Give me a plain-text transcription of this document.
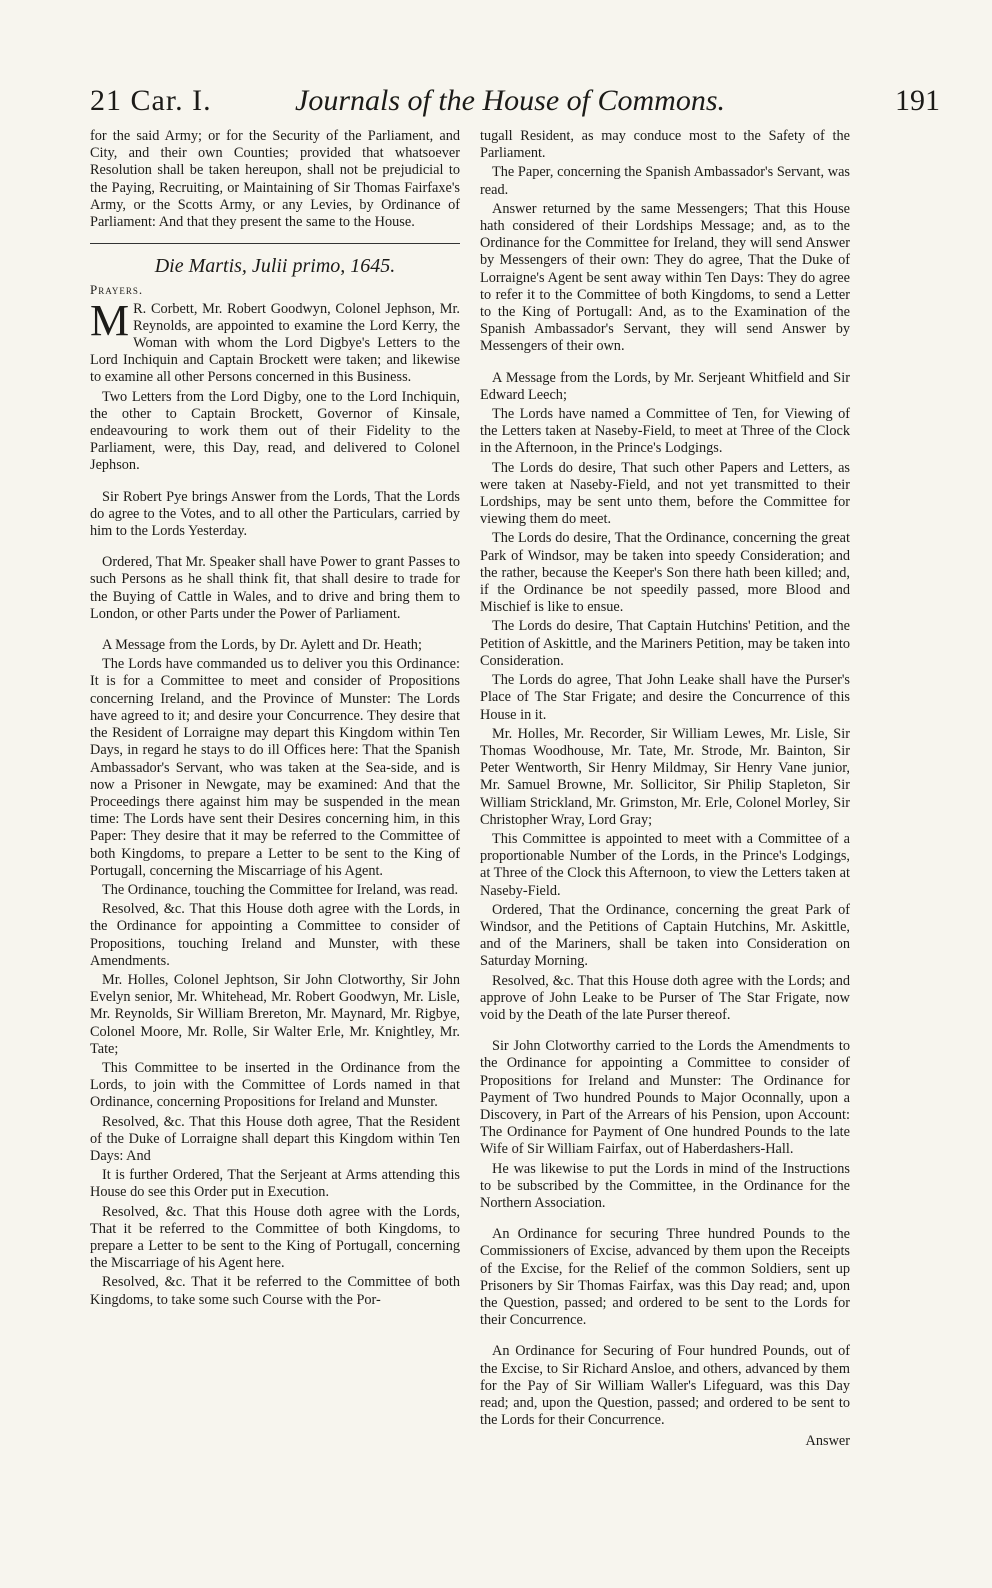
21 Car. I.	Journals of the House of Commons.	191

for the said Army; or for the Security of the Parliament, and City, and their own Counties; provided that whatsoever Resolution shall be taken hereupon, shall not be prejudicial to the Paying, Recruiting, or Maintaining of Sir Thomas Fairfaxe's Army, or the Scotts Army, or any Levies, by Ordinance of Parliament: And that they present the same to the House.

Die Martis, Julii primo, 1645.

Prayers.

M R. Corbett, Mr. Robert Goodwyn, Colonel Jephson, Mr. Reynolds, are appointed to examine the Lord Kerry, the Woman with whom the Lord Digbye's Letters to the Lord Inchiquin and Captain Brockett were taken; and likewise to examine all other Persons concerned in this Business.

Two Letters from the Lord Digby, one to the Lord Inchiquin, the other to Captain Brockett, Governor of Kinsale, endeavouring to work them out of their Fidelity to the Parliament, were, this Day, read, and delivered to Colonel Jephson.

Sir Robert Pye brings Answer from the Lords, That the Lords do agree to the Votes, and to all other the Particulars, carried by him to the Lords Yesterday.

Ordered, That Mr. Speaker shall have Power to grant Passes to such Persons as he shall think fit, that shall desire to trade for the Buying of Cattle in Wales, and to drive and bring them to London, or other Parts under the Power of Parliament.

A Message from the Lords, by Dr. Aylett and Dr. Heath;

The Lords have commanded us to deliver you this Ordinance: It is for a Committee to meet and consider of Propositions concerning Ireland, and the Province of Munster: The Lords have agreed to it; and desire your Concurrence. They desire that the Resident of Lorraigne may depart this Kingdom within Ten Days, in regard he stays to do ill Offices here: That the Spanish Ambassador's Servant, who was taken at the Sea-side, and is now a Prisoner in Newgate, may be examined: And that the Proceedings there against him may be suspended in the mean time: The Lords have sent their Desires concerning him, in this Paper: They desire that it may be referred to the Committee of both Kingdoms, to prepare a Letter to be sent to the King of Portugall, concerning the Miscarriage of his Agent.

The Ordinance, touching the Committee for Ireland, was read.

Resolved, &c. That this House doth agree with the Lords, in the Ordinance for appointing a Committee to consider of Propositions, touching Ireland and Munster, with these Amendments.

Mr. Holles, Colonel Jephtson, Sir John Clotworthy, Sir John Evelyn senior, Mr. Whitehead, Mr. Robert Goodwyn, Mr. Lisle, Mr. Reynolds, Sir William Brereton, Mr. Maynard, Mr. Rigbye, Colonel Moore, Mr. Rolle, Sir Walter Erle, Mr. Knightley, Mr. Tate;

This Committee to be inserted in the Ordinance from the Lords, to join with the Committee of Lords named in that Ordinance, concerning Propositions for Ireland and Munster.

Resolved, &c. That this House doth agree, That the Resident of the Duke of Lorraigne shall depart this Kingdom within Ten Days: And

It is further Ordered, That the Serjeant at Arms attending this House do see this Order put in Execution.

Resolved, &c. That this House doth agree with the Lords, That it be referred to the Committee of both Kingdoms, to prepare a Letter to be sent to the King of Portugall, concerning the Miscarriage of his Agent here.

Resolved, &c. That it be referred to the Committee of both Kingdoms, to take some such Course with the Por-

tugall Resident, as may conduce most to the Safety of the Parliament.

The Paper, concerning the Spanish Ambassador's Servant, was read.

Answer returned by the same Messengers; That this House hath considered of their Lordships Message; and, as to the Ordinance for the Committee for Ireland, they will send Answer by Messengers of their own: They do agree, That the Duke of Lorraigne's Agent be sent away within Ten Days: They do agree to refer it to the Committee of both Kingdoms, to send a Letter to the King of Portugall: And, as to the Examination of the Spanish Ambassador's Servant, they will send Answer by Messengers of their own.

A Message from the Lords, by Mr. Serjeant Whitfield and Sir Edward Leech;

The Lords have named a Committee of Ten, for Viewing of the Letters taken at Naseby-Field, to meet at Three of the Clock in the Afternoon, in the Prince's Lodgings.

The Lords do desire, That such other Papers and Letters, as were taken at Naseby-Field, and not yet transmitted to their Lordships, may be sent unto them, before the Committee for viewing them do meet.

The Lords do desire, That the Ordinance, concerning the great Park of Windsor, may be taken into speedy Consideration; and the rather, because the Keeper's Son there hath been killed; and, if the Ordinance be not speedily passed, more Blood and Mischief is like to ensue.

The Lords do desire, That Captain Hutchins' Petition, and the Petition of Askittle, and the Mariners Petition, may be taken into Consideration.

The Lords do agree, That John Leake shall have the Purser's Place of The Star Frigate; and desire the Concurrence of this House in it.

Mr. Holles, Mr. Recorder, Sir William Lewes, Mr. Lisle, Sir Thomas Woodhouse, Mr. Tate, Mr. Strode, Mr. Bainton, Sir Peter Wentworth, Sir Henry Mildmay, Sir Henry Vane junior, Mr. Samuel Browne, Mr. Sollicitor, Sir Philip Stapleton, Sir William Strickland, Mr. Grimston, Mr. Erle, Colonel Morley, Sir Christopher Wray, Lord Gray;

This Committee is appointed to meet with a Committee of a proportionable Number of the Lords, in the Prince's Lodgings, at Three of the Clock this Afternoon, to view the Letters taken at Naseby-Field.

Ordered, That the Ordinance, concerning the great Park of Windsor, and the Petitions of Captain Hutchins, Mr. Askittle, and of the Mariners, shall be taken into Consideration on Saturday Morning.

Resolved, &c. That this House doth agree with the Lords; and approve of John Leake to be Purser of The Star Frigate, now void by the Death of the late Purser thereof.

Sir John Clotworthy carried to the Lords the Amendments to the Ordinance for appointing a Committee to consider of Propositions for Ireland and Munster: The Ordinance for Payment of Two hundred Pounds to Major Oconnally, upon a Discovery, in Part of the Arrears of his Pension, upon Account: The Ordinance for Payment of One hundred Pounds to the late Wife of Sir William Fairfax, out of Haberdashers-Hall.

He was likewise to put the Lords in mind of the Instructions to be subscribed by the Committee, in the Ordinance for the Northern Association.

An Ordinance for securing Three hundred Pounds to the Commissioners of Excise, advanced by them upon the Receipts of the Excise, for the Relief of the common Soldiers, sent up Prisoners by Sir Thomas Fairfax, was this Day read; and, upon the Question, passed; and ordered to be sent to the Lords for their Concurrence.

An Ordinance for Securing of Four hundred Pounds, out of the Excise, to Sir Richard Ansloe, and others, advanced by them for the Pay of Sir William Waller's Lifeguard, was this Day read; and, upon the Question, passed; and ordered to be sent to the Lords for their Concurrence.

Answer
